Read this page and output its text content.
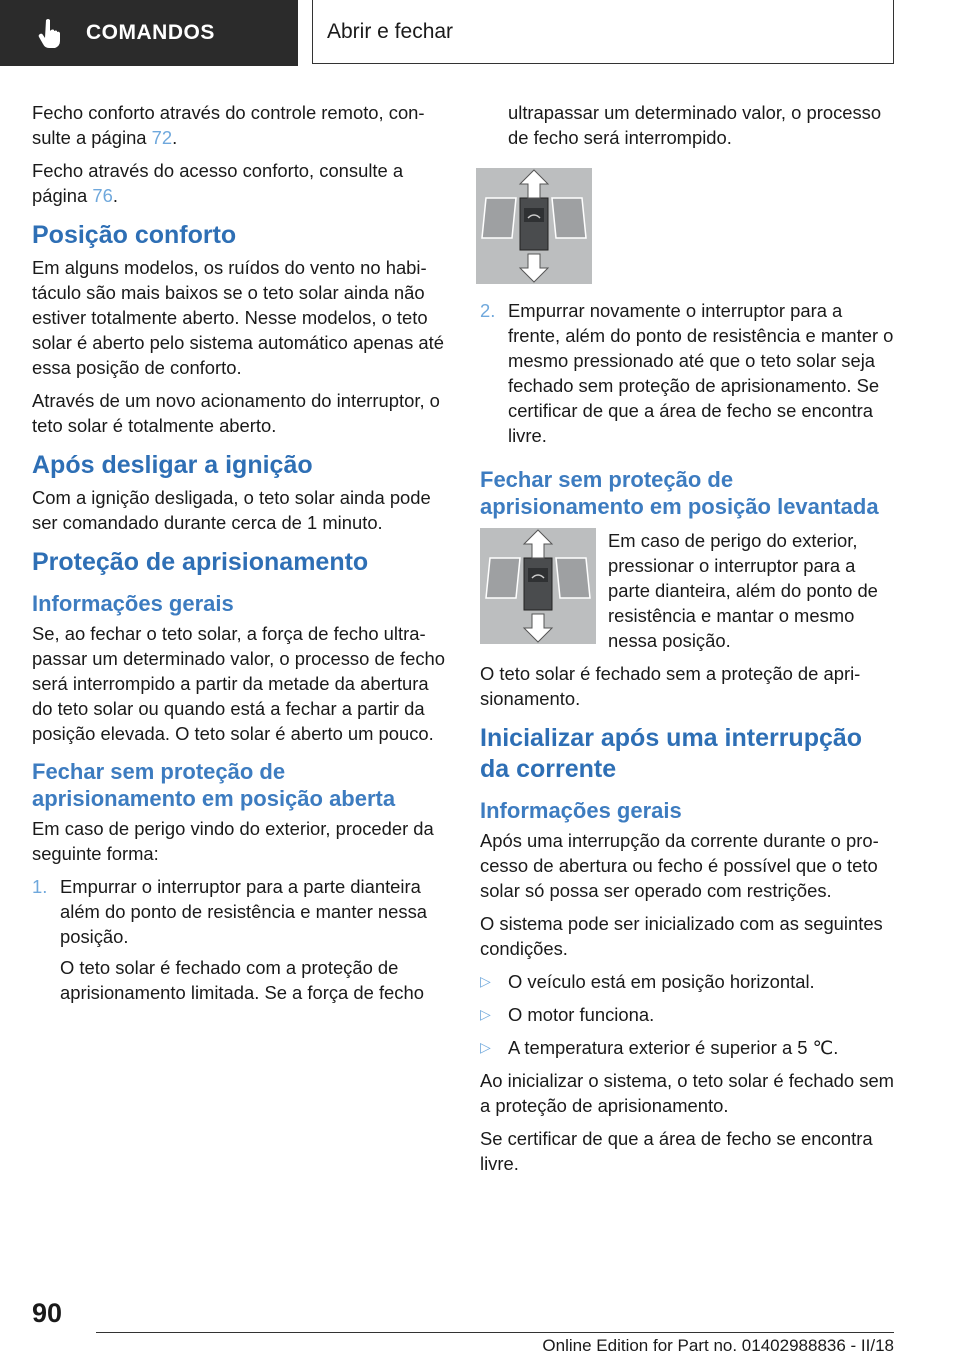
COMANDOS	Abrir e fechar

Fecho conforto através do controle remoto, consulte a página 72.

Fecho através do acesso conforto, consulte a página 76.

Posição conforto

Em alguns modelos, os ruídos do vento no habitáculo são mais baixos se o teto solar ainda não estiver totalmente aberto. Nesse modelos, o teto solar é aberto pelo sistema automático apenas até essa posição de conforto.

Através de um novo acionamento do interruptor, o teto solar é totalmente aberto.

Após desligar a ignição

Com a ignição desligada, o teto solar ainda pode ser comandado durante cerca de 1 minuto.

Proteção de aprisionamento
Informações gerais

Se, ao fechar o teto solar, a força de fecho ultrapassar um determinado valor, o processo de fecho será interrompido a partir da metade da abertura do teto solar ou quando está a fechar a partir da posição elevada. O teto solar é aberto um pouco.

Fechar sem proteção de aprisionamento em posição aberta

Em caso de perigo vindo do exterior, proceder da seguinte forma:

1. Empurrar o interruptor para a parte dianteira além do ponto de resistência e manter nessa posição.

O teto solar é fechado com a proteção de aprisionamento limitada. Se a força de fecho

ultrapassar um determinado valor, o processo de fecho será interrompido.

2. Empurrar novamente o interruptor para a frente, além do ponto de resistência e manter o mesmo pressionado até que o teto solar seja fechado sem proteção de aprisionamento. Se certificar de que a área de fecho se encontra livre.

Fechar sem proteção de aprisionamento em posição levantada

Em caso de perigo do exterior, pressionar o interruptor para a parte dianteira, além do ponto de resistência e mantar o mesmo nessa posição.

O teto solar é fechado sem a proteção de aprisionamento.

Inicializar após uma interrupção da corrente
Informações gerais

Após uma interrupção da corrente durante o processo de abertura ou fecho é possível que o teto solar só possa ser operado com restrições.

O sistema pode ser inicializado com as seguintes condições.

▷ O veículo está em posição horizontal.

▷ O motor funciona.

▷ A temperatura exterior é superior a 5 ℃.

Ao inicializar o sistema, o teto solar é fechado sem a proteção de aprisionamento.

Se certificar de que a área de fecho se encontra livre.

90
Online Edition for Part no. 01402988836 - II/18
